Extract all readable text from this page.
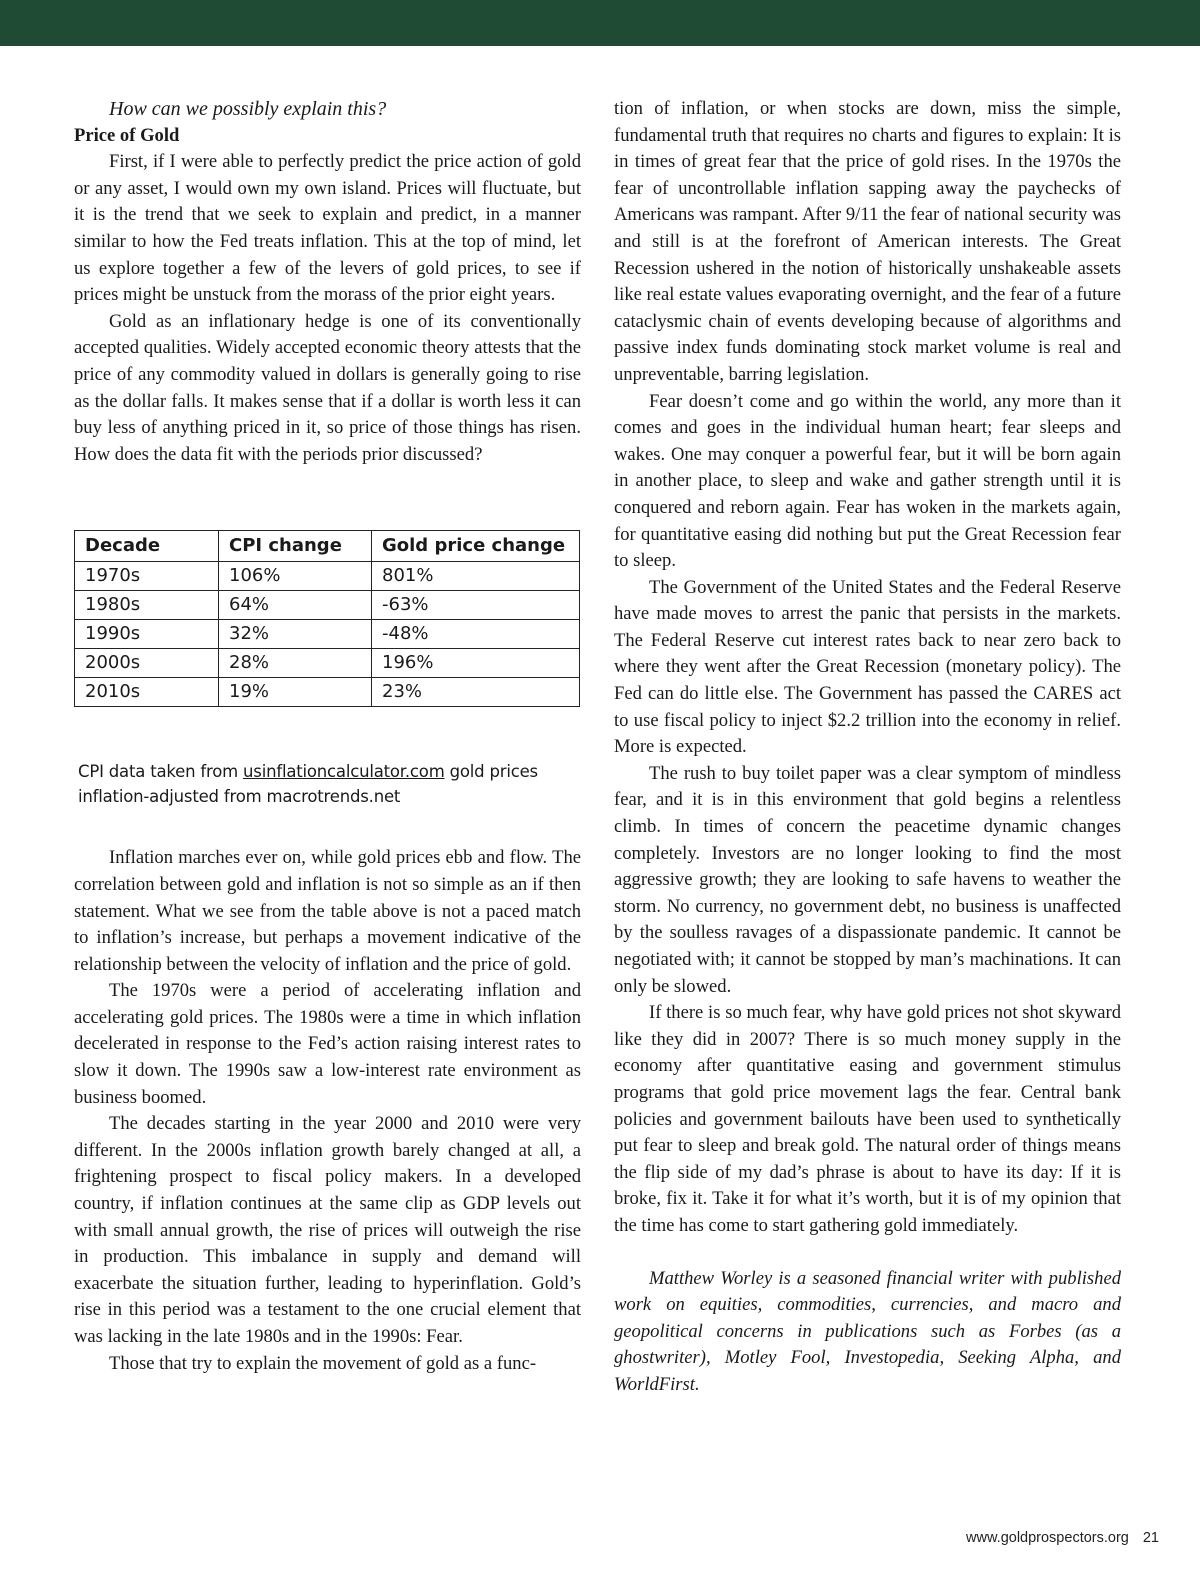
How can we possibly explain this?

Price of Gold

First, if I were able to perfectly predict the price action of gold or any asset, I would own my own island. Prices will fluctuate, but it is the trend that we seek to explain and predict, in a manner similar to how the Fed treats inflation. This at the top of mind, let us explore together a few of the levers of gold prices, to see if prices might be unstuck from the morass of the prior eight years.

Gold as an inflationary hedge is one of its conventionally accepted qualities. Widely accepted economic theory attests that the price of any commodity valued in dollars is generally going to rise as the dollar falls. It makes sense that if a dollar is worth less it can buy less of anything priced in it, so price of those things has risen. How does the data fit with the periods prior discussed?

Decade	CPI change	Gold price change
1970s	106%	801%
1980s	64%	-63%
1990s	32%	-48%
2000s	28%	196%
2010s	19%	23%
CPI data taken from usinflationcalculator.com gold prices inflation-adjusted from macrotrends.net

Inflation marches ever on, while gold prices ebb and flow. The correlation between gold and inflation is not so simple as an if then statement. What we see from the table above is not a paced match to inflation’s increase, but perhaps a movement indicative of the relationship between the velocity of inflation and the price of gold.

The 1970s were a period of accelerating inflation and accelerating gold prices. The 1980s were a time in which inflation decelerated in response to the Fed’s action raising interest rates to slow it down. The 1990s saw a low-interest rate environment as business boomed.

The decades starting in the year 2000 and 2010 were very different. In the 2000s inflation growth barely changed at all, a frightening prospect to fiscal policy makers. In a developed country, if inflation continues at the same clip as GDP levels out with small annual growth, the rise of prices will outweigh the rise in production. This imbalance in supply and demand will exacerbate the situation further, leading to hyperinflation. Gold’s rise in this period was a testament to the one crucial element that was lacking in the late 1980s and in the 1990s: Fear.

Those that try to explain the movement of gold as a func-

tion of inflation, or when stocks are down, miss the simple, fundamental truth that requires no charts and figures to explain: It is in times of great fear that the price of gold rises. In the 1970s the fear of uncontrollable inflation sapping away the paychecks of Americans was rampant. After 9/11 the fear of national security was and still is at the forefront of American interests. The Great Recession ushered in the notion of historically unshakeable assets like real estate values evaporating overnight, and the fear of a future cataclysmic chain of events developing because of algorithms and passive index funds dominating stock market volume is real and unpreventable, barring legislation.

Fear doesn’t come and go within the world, any more than it comes and goes in the individual human heart; fear sleeps and wakes. One may conquer a powerful fear, but it will be born again in another place, to sleep and wake and gather strength until it is conquered and reborn again. Fear has woken in the markets again, for quantitative easing did nothing but put the Great Recession fear to sleep.

The Government of the United States and the Federal Reserve have made moves to arrest the panic that persists in the markets. The Federal Reserve cut interest rates back to near zero back to where they went after the Great Recession (monetary policy). The Fed can do little else. The Government has passed the CARES act to use fiscal policy to inject $2.2 trillion into the economy in relief. More is expected.

The rush to buy toilet paper was a clear symptom of mindless fear, and it is in this environment that gold begins a relentless climb. In times of concern the peacetime dynamic changes completely. Investors are no longer looking to find the most aggressive growth; they are looking to safe havens to weather the storm. No currency, no government debt, no business is unaffected by the soulless ravages of a dispassionate pandemic. It cannot be negotiated with; it cannot be stopped by man’s machinations. It can only be slowed.

If there is so much fear, why have gold prices not shot skyward like they did in 2007? There is so much money supply in the economy after quantitative easing and government stimulus programs that gold price movement lags the fear. Central bank policies and government bailouts have been used to synthetically put fear to sleep and break gold. The natural order of things means the flip side of my dad’s phrase is about to have its day: If it is broke, fix it. Take it for what it’s worth, but it is of my opinion that the time has come to start gathering gold immediately.

Matthew Worley is a seasoned financial writer with published work on equities, commodities, currencies, and macro and geopolitical concerns in publications such as Forbes (as a ghostwriter), Motley Fool, Investopedia, Seeking Alpha, and WorldFirst.

www.goldprospectors.org 21
